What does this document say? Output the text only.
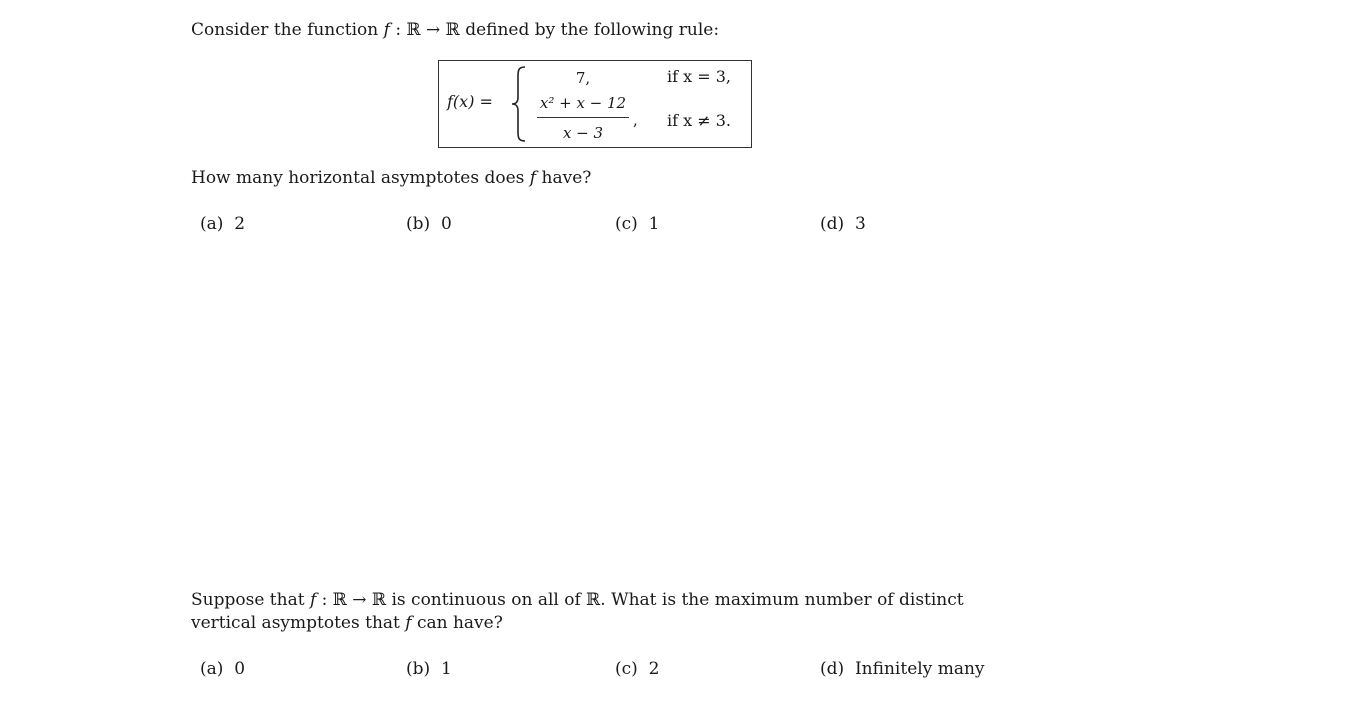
Consider the function f : ℝ → ℝ defined by the following rule:
f(x) =
7,	if x = 3,
x² + x − 12
x − 3
, if x ≠ 3.
How many horizontal asymptotes does f have?
(a) 2	(b) 0	(c) 1	(d) 3
Suppose that f : ℝ → ℝ is continuous on all of ℝ. What is the maximum number of distinct
vertical asymptotes that f can have?
(a) 0	(b) 1	(c) 2	(d) Infinitely many
